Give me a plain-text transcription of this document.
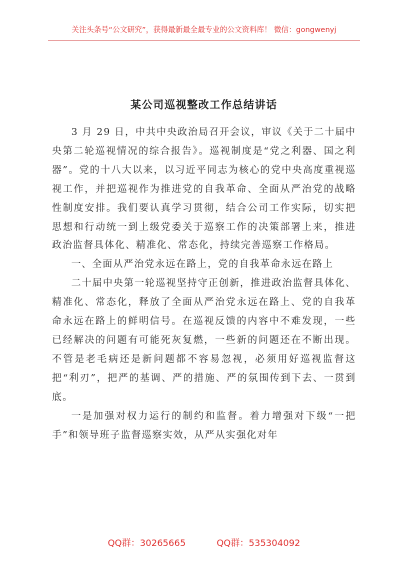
关注头条号“公文研究”，获得最新最全最专业的公文资料库！ 微信：gongwenyj
某公司巡视整改工作总结讲话

3 月 29 日，中共中央政治局召开会议，审议《关于二十届中央第二轮巡视情况的综合报告》。巡视制度是“党之利器、国之利器”。党的十八大以来，以习近平同志为核心的党中央高度重视巡视工作，并把巡视作为推进党的自我革命、全面从严治党的战略性制度安排。我们要认真学习贯彻，结合公司工作实际，切实把思想和行动统一到上级党委关于巡察工作的决策部署上来，推进政治监督具体化、精准化、常态化，持续完善巡察工作格局。

一、全面从严治党永远在路上，党的自我革命永远在路上

二十届中央第一轮巡视坚持守正创新，推进政治监督具体化、精准化、常态化，释放了全面从严治党永远在路上、党的自我革命永远在路上的鲜明信号。在巡视反馈的内容中不难发现，一些已经解决的问题有可能死灰复燃，一些新的问题还在不断出现。不管是老毛病还是新问题都不容易忽视，必须用好巡视监督这把“利刃”，把严的基调、严的措施、严的氛围传到下去、一贯到底。

一是加强对权力运行的制约和监督。着力增强对下级“一把手”和领导班子监督巡察实效，从严从实强化对年

QQ群：30265665	QQ群：535304092
